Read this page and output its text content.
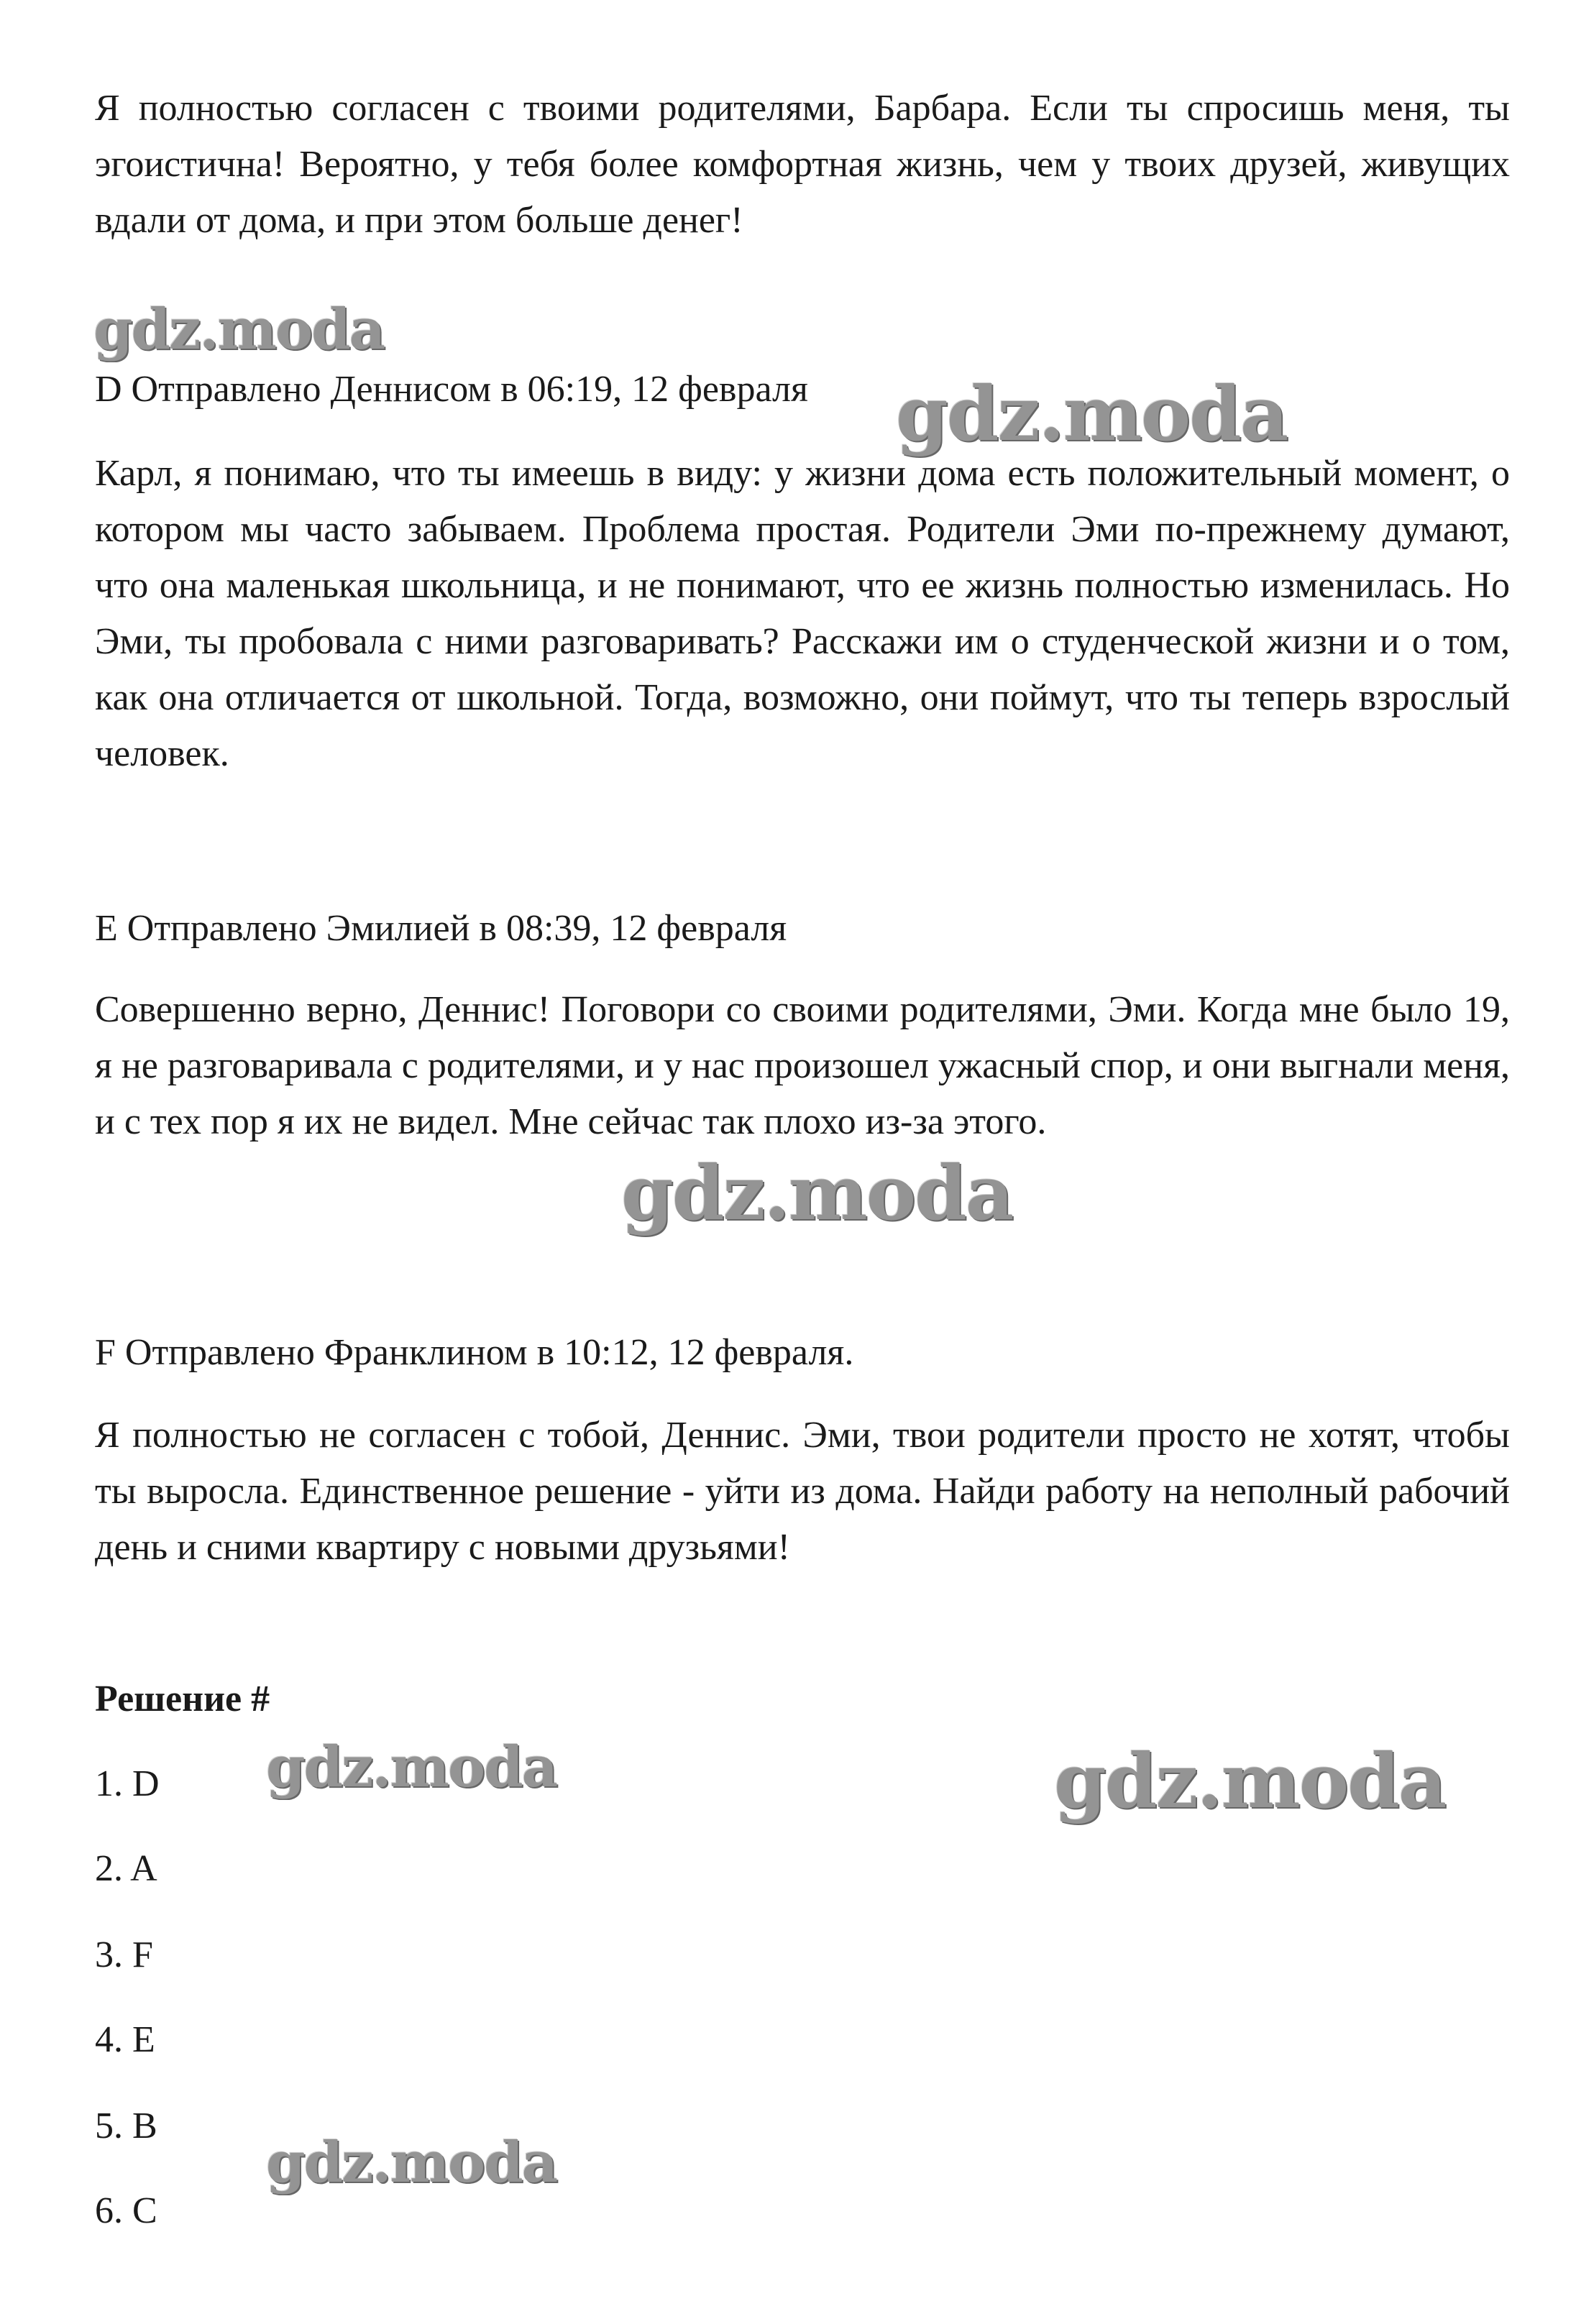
Я полностью согласен с твоими родителями, Барбара. Если ты спросишь меня, ты эгоистична! Вероятно, у тебя более комфортная жизнь, чем у твоих друзей, живущих вдали от дома, и при этом больше денег!

D Отправлено Деннисом в 06:19, 12 февраля

Карл, я понимаю, что ты имеешь в виду: у жизни дома есть положительный момент, о котором мы часто забываем. Проблема простая. Родители Эми по-прежнему думают, что она маленькая школьница, и не понимают, что ее жизнь полностью изменилась. Но Эми, ты пробовала с ними разговаривать? Расскажи им о студенческой жизни и о том, как она отличается от школьной. Тогда, возможно, они поймут, что ты теперь взрослый человек.

E Отправлено Эмилией в 08:39, 12 февраля

Совершенно верно, Деннис! Поговори со своими родителями, Эми. Когда мне было 19, я не разговаривала с родителями, и у нас произошел ужасный спор, и они выгнали меня, и с тех пор я их не видел. Мне сейчас так плохо из-за этого.

F Отправлено Франклином в 10:12, 12 февраля.

Я полностью не согласен с тобой, Деннис. Эми, твои родители просто не хотят, чтобы ты выросла. Единственное решение - уйти из дома. Найди работу на неполный рабочий день и сними квартиру с новыми друзьями!

Решение #

1. D

2. A

3. F

4. E

5. B

6. C

gdz.moda
gdz.moda
gdz.moda
gdz.moda	gdz.moda
gdz.moda
